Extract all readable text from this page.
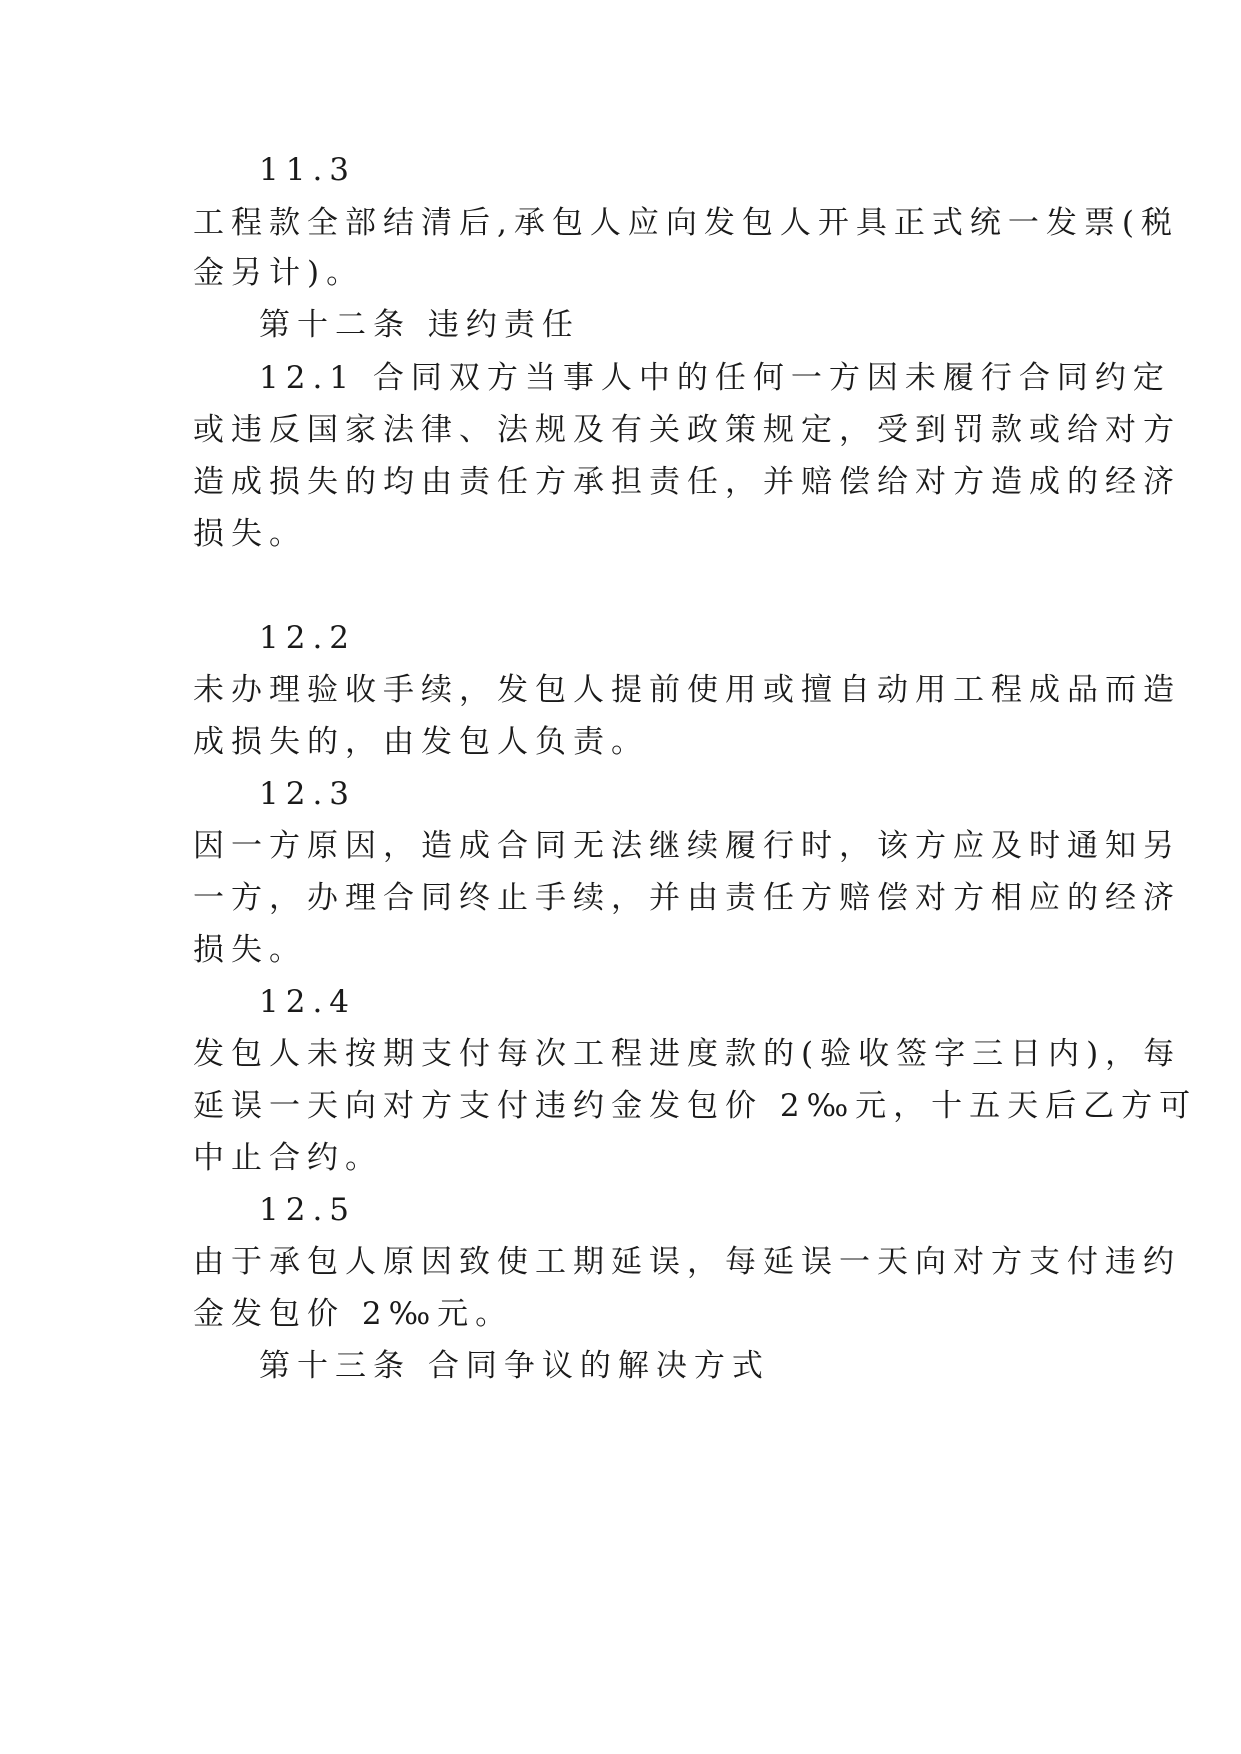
11.3
工程款全部结清后,承包人应向发包人开具正式统一发票(税
金另计)。
第十二条 违约责任
12.1 合同双方当事人中的任何一方因未履行合同约定
或违反国家法律、法规及有关政策规定，受到罚款或给对方
造成损失的均由责任方承担责任，并赔偿给对方造成的经济
损失。
12.2
未办理验收手续，发包人提前使用或擅自动用工程成品而造
成损失的，由发包人负责。
12.3
因一方原因，造成合同无法继续履行时，该方应及时通知另
一方，办理合同终止手续，并由责任方赔偿对方相应的经济
损失。
12.4
发包人未按期支付每次工程进度款的(验收签字三日内)，每
延误一天向对方支付违约金发包价 2‰元，十五天后乙方可
中止合约。
12.5
由于承包人原因致使工期延误，每延误一天向对方支付违约
金发包价 2‰元。
第十三条 合同争议的解决方式
